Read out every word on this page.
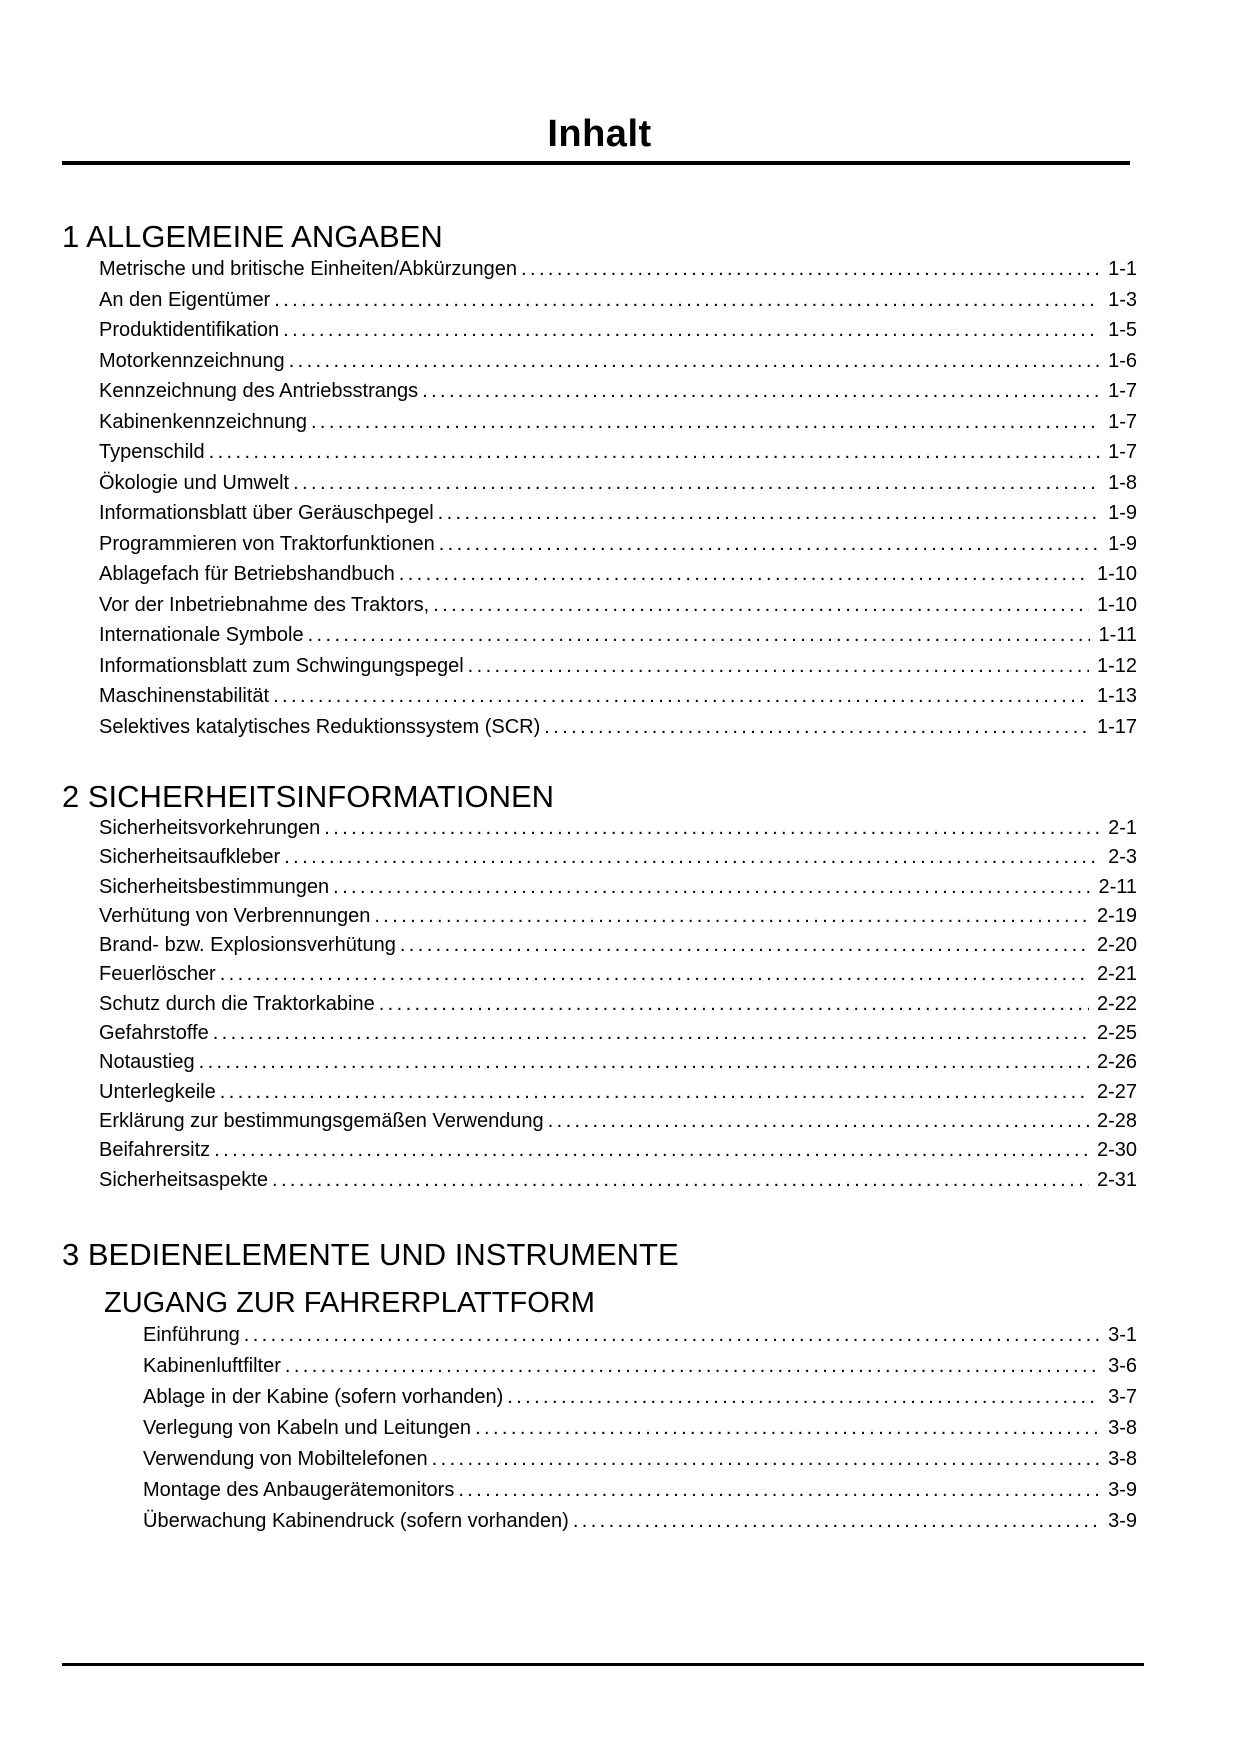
Inhalt
1 ALLGEMEINE ANGABEN
Metrische und britische Einheiten/Abkürzungen .....	1-1
An den Eigentümer .....	1-3
Produktidentifikation .....	1-5
Motorkennzeichnung .....	1-6
Kennzeichnung des Antriebsstrangs .....	1-7
Kabinenkennzeichnung .....	1-7
Typenschild .....	1-7
Ökologie und Umwelt .....	1-8
Informationsblatt über Geräuschpegel .....	1-9
Programmieren von Traktorfunktionen .....	1-9
Ablagefach für Betriebshandbuch .....	1-10
Vor der Inbetriebnahme des Traktors, .....	1-10
Internationale Symbole .....	1-11
Informationsblatt zum Schwingungspegel .....	1-12
Maschinenstabilität .....	1-13
Selektives katalytisches Reduktionssystem (SCR) .....	1-17
2 SICHERHEITSINFORMATIONEN
Sicherheitsvorkehrungen .....	2-1
Sicherheitsaufkleber .....	2-3
Sicherheitsbestimmungen .....	2-11
Verhütung von Verbrennungen .....	2-19
Brand- bzw. Explosionsverhütung .....	2-20
Feuerlöscher .....	2-21
Schutz durch die Traktorkabine .....	2-22
Gefahrstoffe .....	2-25
Notaustieg .....	2-26
Unterlegkeile .....	2-27
Erklärung zur bestimmungsgemäßen Verwendung .....	2-28
Beifahrersitz .....	2-30
Sicherheitsaspekte .....	2-31
3 BEDIENELEMENTE UND INSTRUMENTE
ZUGANG ZUR FAHRERPLATTFORM
Einführung .....	3-1
Kabinenluftfilter .....	3-6
Ablage in der Kabine (sofern vorhanden) .....	3-7
Verlegung von Kabeln und Leitungen .....	3-8
Verwendung von Mobiltelefonen .....	3-8
Montage des Anbaugerätemonitors .....	3-9
Überwachung Kabinendruck (sofern vorhanden) .....	3-9
